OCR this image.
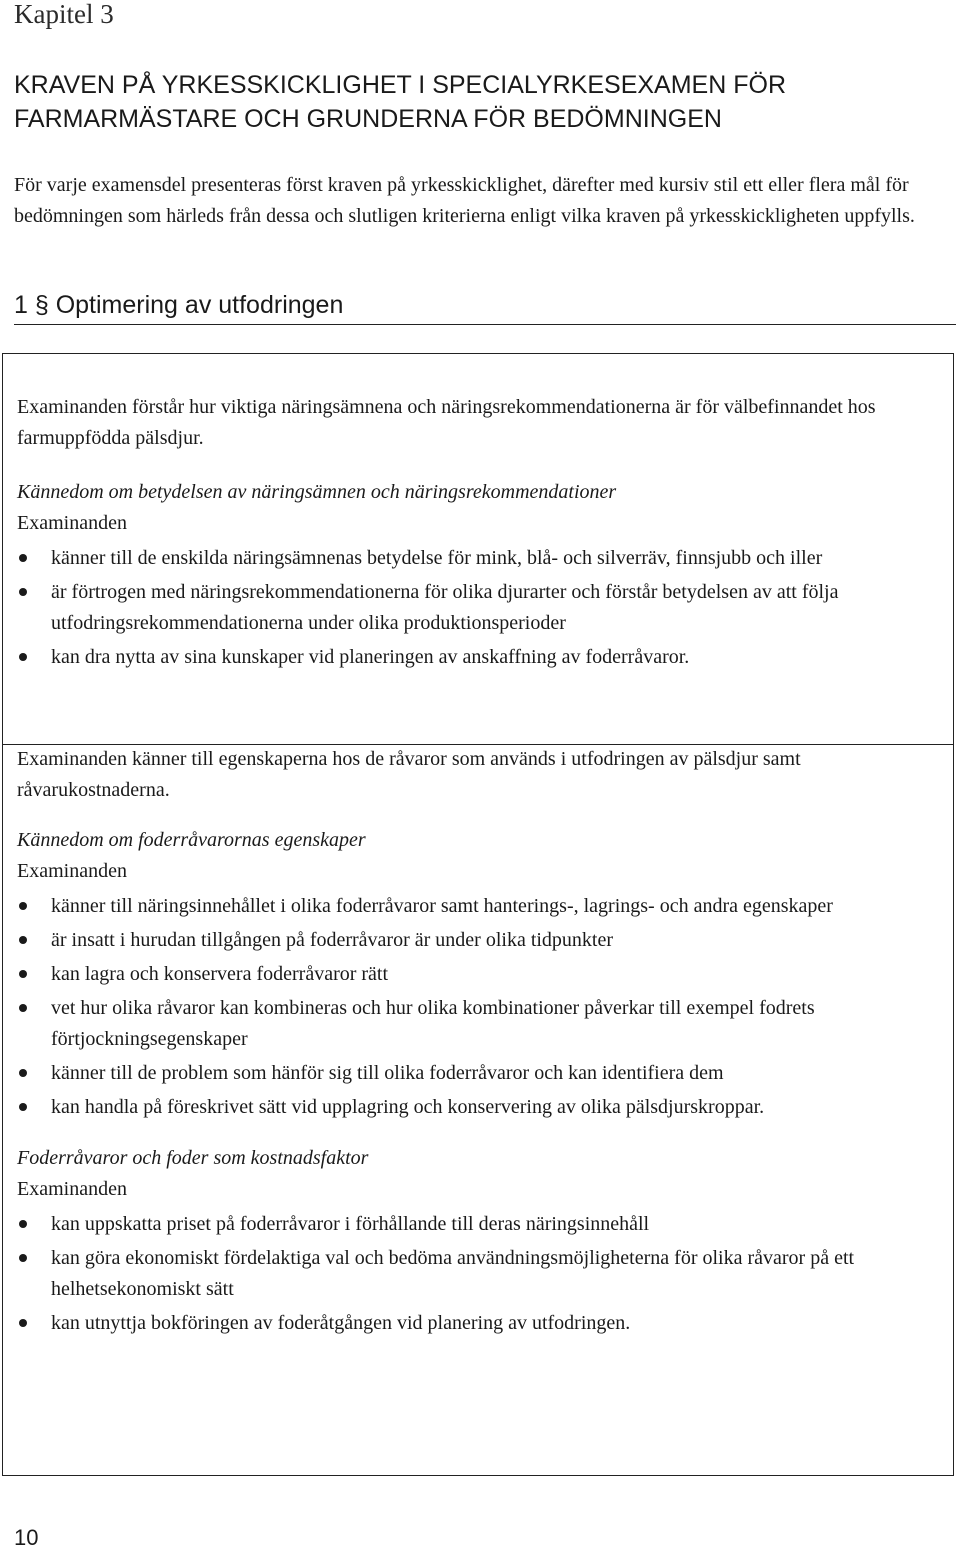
Kapitel 3
KRAVEN PÅ YRKESSKICKLIGHET I SPECIALYRKESEXAMEN FÖR
FARMARMÄSTARE OCH GRUNDERNA FÖR BEDÖMNINGEN

För varje examensdel presenteras först kraven på yrkesskicklighet, därefter med kursiv stil ett eller flera mål för bedömningen som härleds från dessa och slutligen kriterierna enligt vilka kraven på yrkesskickligheten uppfylls.

1 § Optimering av utfodringen

Examinanden förstår hur viktiga näringsämnena och näringsrekommendationerna är för välbefinnandet hos farmuppfödda pälsdjur.

Kännedom om betydelsen av näringsämnen och näringsrekommendationer

Examinanden

känner till de enskilda näringsämnenas betydelse för mink, blå- och silverräv, finnsjubb och iller
är förtrogen med näringsrekommendationerna för olika djurarter och förstår betydelsen av att följa utfodringsrekommendationerna under olika produktionsperioder
kan dra nytta av sina kunskaper vid planeringen av anskaffning av foderråvaror.

Examinanden känner till egenskaperna hos de råvaror som används i utfodringen av pälsdjur samt råvarukostnaderna.

Kännedom om foderråvarornas egenskaper

Examinanden

känner till näringsinnehållet i olika foderråvaror samt hanterings-, lagrings- och andra egenskaper
är insatt i hurudan tillgången på foderråvaror är under olika tidpunkter
kan lagra och konservera foderråvaror rätt
vet hur olika råvaror kan kombineras och hur olika kombinationer påverkar till exempel fodrets förtjockningsegenskaper
känner till de problem som hänför sig till olika foderråvaror och kan identifiera dem
kan handla på föreskrivet sätt vid upplagring och konservering av olika pälsdjurskroppar.

Foderråvaror och foder som kostnadsfaktor

Examinanden

kan uppskatta priset på foderråvaror i förhållande till deras näringsinnehåll
kan göra ekonomiskt fördelaktiga val och bedöma användningsmöjligheterna för olika råvaror på ett helhetsekonomiskt sätt
kan utnyttja bokföringen av foderåtgången vid planering av utfodringen.
10
